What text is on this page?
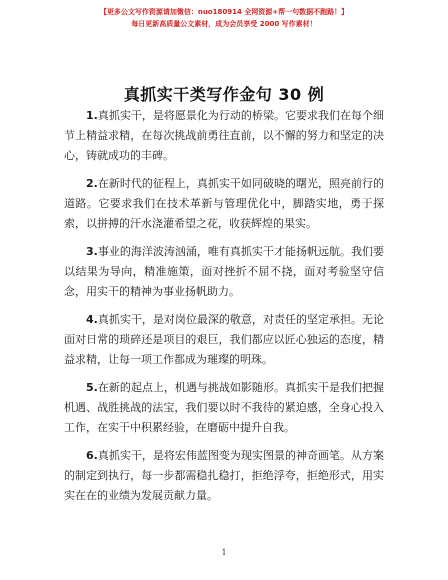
【更多公文写作资源请加微信：nuo180914 全网资源+帮一句数据不跑路！】
每日更新高质量公文素材，成为会员享受 2000 写作素材！
真抓实干类写作金句 30 例

1.真抓实干，是将愿景化为行动的桥梁。它要求我们在每个细节上精益求精，在每次挑战前勇往直前，以不懈的努力和坚定的决心，铸就成功的丰碑。

2.在新时代的征程上，真抓实干如同破晓的曙光，照亮前行的道路。它要求我们在技术革新与管理优化中，脚踏实地，勇于探索，以拼搏的汗水浇灌希望之花，收获辉煌的果实。

3.事业的海洋波涛汹涌，唯有真抓实干才能扬帆远航。我们要以结果为导向，精准施策，面对挫折不屈不挠，面对考验坚守信念，用实干的精神为事业扬帆助力。

4.真抓实干，是对岗位最深的敬意，对责任的坚定承担。无论面对日常的琐碎还是项目的艰巨，我们都应以匠心独运的态度，精益求精，让每一项工作都成为璀璨的明珠。

5.在新的起点上，机遇与挑战如影随形。真抓实干是我们把握机遇、战胜挑战的法宝，我们要以时不我待的紧迫感，全身心投入工作，在实干中积累经验，在磨砺中提升自我。

6.真抓实干，是将宏伟蓝图变为现实图景的神奇画笔。从方案的制定到执行，每一步都需稳扎稳打，拒绝浮夸，拒绝形式，用实实在在的业绩为发展贡献力量。

1
